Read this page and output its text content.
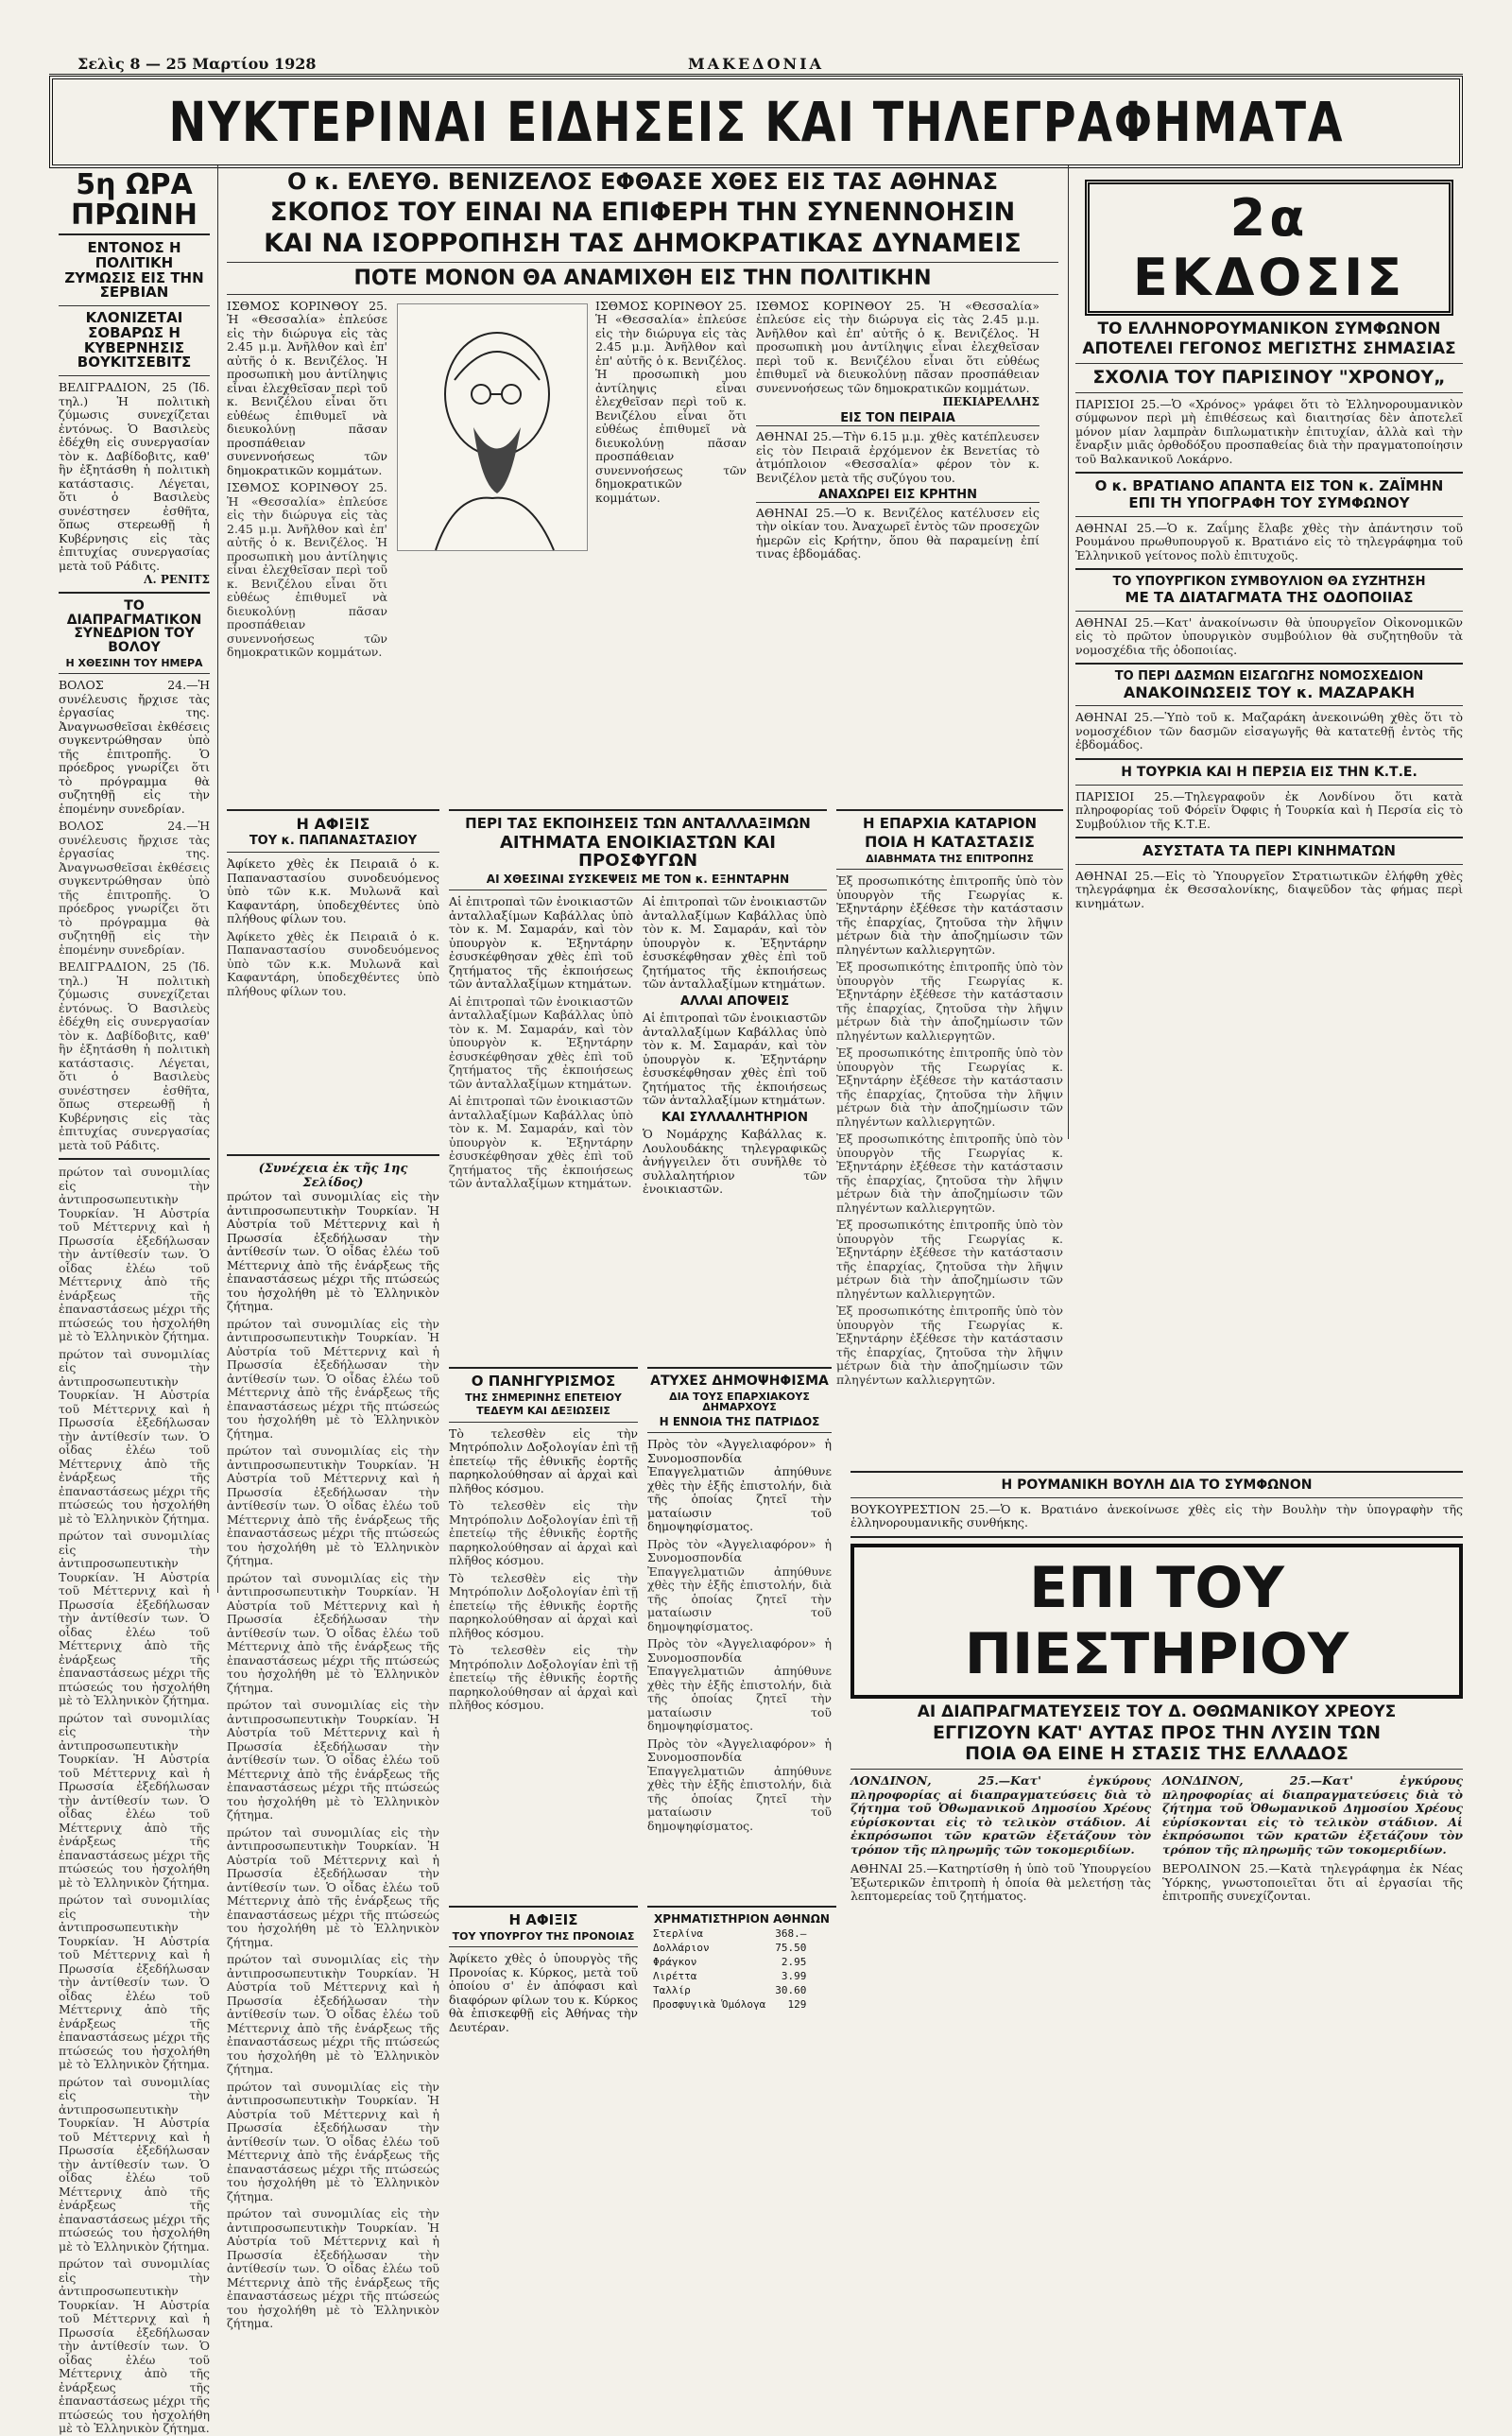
Σελὶς 8 — 25 Μαρτίου 1928	ΜΑΚΕΔΟΝΙΑ
ΝΥΚΤΕΡΙΝΑΙ ΕΙΔΗΣΕΙΣ ΚΑΙ ΤΗΛΕΓΡΑΦΗΜΑΤΑ
5η ΩΡΑ ΠΡΩΙΝΗ
ΕΝΤΟΝΟΣ Η ΠΟΛΙΤΙΚΗ ΖΥΜΩΣΙΣ ΕΙΣ ΤΗΝ ΣΕΡΒΙΑΝ
ΚΛΟΝΙΖΕΤΑΙ ΣΟΒΑΡΩΣ Η ΚΥΒΕΡΝΗΣΙΣ ΒΟΥΚΙΤΣΕΒΙΤΣ

ΒΕΛΙΓΡΑΔΙΟΝ, 25 (Ἰδ. τηλ.) Ἡ πολιτικὴ ζύμωσις συνεχίζεται ἐντόνως. Ὁ Βασιλεὺς ἐδέχθη εἰς συνεργασίαν τὸν κ. Δαβίδοβιτς, καθ' ἣν ἐξητάσθη ἡ πολιτικὴ κατάστασις. Λέγεται, ὅτι ὁ Βασιλεὺς συνέστησεν ἐσθῆτα, ὅπως στερεωθῇ ἡ Κυβέρνησις εἰς τὰς ἐπιτυχίας συνεργασίας μετὰ τοῦ Ράδιτς.

Λ. ΡΕΝΙΤΣ
ΤΟ ΔΙΑΠΡΑΓΜΑΤΙΚΟΝ ΣΥΝΕΔΡΙΟΝ ΤΟΥ ΒΟΛΟΥ
Η ΧΘΕΣΙΝΗ ΤΟΥ ΗΜΕΡΑ

ΒΟΛΟΣ 24.—Ἡ συνέλευσις ἤρχισε τὰς ἐργασίας της. Ἀναγνωσθεῖσαι ἐκθέσεις συγκεντρώθησαν ὑπὸ τῆς ἐπιτροπῆς. Ὁ πρόεδρος γνωρίζει ὅτι τὸ πρόγραμμα θὰ συζητηθῇ εἰς τὴν ἑπομένην συνεδρίαν.

ΒΟΛΟΣ 24.—Ἡ συνέλευσις ἤρχισε τὰς ἐργασίας της. Ἀναγνωσθεῖσαι ἐκθέσεις συγκεντρώθησαν ὑπὸ τῆς ἐπιτροπῆς. Ὁ πρόεδρος γνωρίζει ὅτι τὸ πρόγραμμα θὰ συζητηθῇ εἰς τὴν ἑπομένην συνεδρίαν.

ΒΕΛΙΓΡΑΔΙΟΝ, 25 (Ἰδ. τηλ.) Ἡ πολιτικὴ ζύμωσις συνεχίζεται ἐντόνως. Ὁ Βασιλεὺς ἐδέχθη εἰς συνεργασίαν τὸν κ. Δαβίδοβιτς, καθ' ἣν ἐξητάσθη ἡ πολιτικὴ κατάστασις. Λέγεται, ὅτι ὁ Βασιλεὺς συνέστησεν ἐσθῆτα, ὅπως στερεωθῇ ἡ Κυβέρνησις εἰς τὰς ἐπιτυχίας συνεργασίας μετὰ τοῦ Ράδιτς.

πρώτον ταὶ συνομιλίας εἰς τὴν ἀντιπροσωπευτικὴν Τουρκίαν. Ἡ Αὐστρία τοῦ Μέττερνιχ καὶ ἡ Πρωσσία ἐξεδήλωσαν τὴν ἀντίθεσίν των. Ὁ οἶδας ἐλέω τοῦ Μέττερνιχ ἀπὸ τῆς ἐνάρξεως τῆς ἐπαναστάσεως μέχρι τῆς πτώσεώς του ἠσχολήθη μὲ τὸ Ἑλληνικὸν ζήτημα.

πρώτον ταὶ συνομιλίας εἰς τὴν ἀντιπροσωπευτικὴν Τουρκίαν. Ἡ Αὐστρία τοῦ Μέττερνιχ καὶ ἡ Πρωσσία ἐξεδήλωσαν τὴν ἀντίθεσίν των. Ὁ οἶδας ἐλέω τοῦ Μέττερνιχ ἀπὸ τῆς ἐνάρξεως τῆς ἐπαναστάσεως μέχρι τῆς πτώσεώς του ἠσχολήθη μὲ τὸ Ἑλληνικὸν ζήτημα.

πρώτον ταὶ συνομιλίας εἰς τὴν ἀντιπροσωπευτικὴν Τουρκίαν. Ἡ Αὐστρία τοῦ Μέττερνιχ καὶ ἡ Πρωσσία ἐξεδήλωσαν τὴν ἀντίθεσίν των. Ὁ οἶδας ἐλέω τοῦ Μέττερνιχ ἀπὸ τῆς ἐνάρξεως τῆς ἐπαναστάσεως μέχρι τῆς πτώσεώς του ἠσχολήθη μὲ τὸ Ἑλληνικὸν ζήτημα.

πρώτον ταὶ συνομιλίας εἰς τὴν ἀντιπροσωπευτικὴν Τουρκίαν. Ἡ Αὐστρία τοῦ Μέττερνιχ καὶ ἡ Πρωσσία ἐξεδήλωσαν τὴν ἀντίθεσίν των. Ὁ οἶδας ἐλέω τοῦ Μέττερνιχ ἀπὸ τῆς ἐνάρξεως τῆς ἐπαναστάσεως μέχρι τῆς πτώσεώς του ἠσχολήθη μὲ τὸ Ἑλληνικὸν ζήτημα.

πρώτον ταὶ συνομιλίας εἰς τὴν ἀντιπροσωπευτικὴν Τουρκίαν. Ἡ Αὐστρία τοῦ Μέττερνιχ καὶ ἡ Πρωσσία ἐξεδήλωσαν τὴν ἀντίθεσίν των. Ὁ οἶδας ἐλέω τοῦ Μέττερνιχ ἀπὸ τῆς ἐνάρξεως τῆς ἐπαναστάσεως μέχρι τῆς πτώσεώς του ἠσχολήθη μὲ τὸ Ἑλληνικὸν ζήτημα.

πρώτον ταὶ συνομιλίας εἰς τὴν ἀντιπροσωπευτικὴν Τουρκίαν. Ἡ Αὐστρία τοῦ Μέττερνιχ καὶ ἡ Πρωσσία ἐξεδήλωσαν τὴν ἀντίθεσίν των. Ὁ οἶδας ἐλέω τοῦ Μέττερνιχ ἀπὸ τῆς ἐνάρξεως τῆς ἐπαναστάσεως μέχρι τῆς πτώσεώς του ἠσχολήθη μὲ τὸ Ἑλληνικὸν ζήτημα.

πρώτον ταὶ συνομιλίας εἰς τὴν ἀντιπροσωπευτικὴν Τουρκίαν. Ἡ Αὐστρία τοῦ Μέττερνιχ καὶ ἡ Πρωσσία ἐξεδήλωσαν τὴν ἀντίθεσίν των. Ὁ οἶδας ἐλέω τοῦ Μέττερνιχ ἀπὸ τῆς ἐνάρξεως τῆς ἐπαναστάσεως μέχρι τῆς πτώσεώς του ἠσχολήθη μὲ τὸ Ἑλληνικὸν ζήτημα.

Ο κ. ΕΛΕΥΘ. ΒΕΝΙΖΕΛΟΣ ΕΦΘΑΣΕ ΧΘΕΣ ΕΙΣ ΤΑΣ ΑΘΗΝΑΣ
ΣΚΟΠΟΣ ΤΟΥ ΕΙΝΑΙ ΝΑ ΕΠΙΦΕΡΗ ΤΗΝ ΣΥΝΕΝΝΟΗΣΙΝ
ΚΑΙ ΝΑ ΙΣΟΡΡΟΠΗΣΗ ΤΑΣ ΔΗΜΟΚΡΑΤΙΚΑΣ ΔΥΝΑΜΕΙΣ
ΠΟΤΕ ΜΟΝΟΝ ΘΑ ΑΝΑΜΙΧΘΗ ΕΙΣ ΤΗΝ ΠΟΛΙΤΙΚΗΝ

ΙΣΘΜΟΣ ΚΟΡΙΝΘΟΥ 25. Ἡ «Θεσσαλία» ἐπλεύσε εἰς τὴν διώρυγα εἰς τὰς 2.45 μ.μ. Ἀνῆλθον καὶ ἐπ' αὐτῆς ὁ κ. Βενιζέλος. Ἡ προσωπικὴ μου ἀντίληψις εἶναι ἐλεχθεῖσαν περὶ τοῦ κ. Βενιζέλου εἶναι ὅτι εὐθέως ἐπιθυμεῖ νὰ διευκολύνῃ πᾶσαν προσπάθειαν συνεννοήσεως τῶν δημοκρατικῶν κομμάτων.

ΙΣΘΜΟΣ ΚΟΡΙΝΘΟΥ 25. Ἡ «Θεσσαλία» ἐπλεύσε εἰς τὴν διώρυγα εἰς τὰς 2.45 μ.μ. Ἀνῆλθον καὶ ἐπ' αὐτῆς ὁ κ. Βενιζέλος. Ἡ προσωπικὴ μου ἀντίληψις εἶναι ἐλεχθεῖσαν περὶ τοῦ κ. Βενιζέλου εἶναι ὅτι εὐθέως ἐπιθυμεῖ νὰ διευκολύνῃ πᾶσαν προσπάθειαν συνεννοήσεως τῶν δημοκρατικῶν κομμάτων.

ΙΣΘΜΟΣ ΚΟΡΙΝΘΟΥ 25. Ἡ «Θεσσαλία» ἐπλεύσε εἰς τὴν διώρυγα εἰς τὰς 2.45 μ.μ. Ἀνῆλθον καὶ ἐπ' αὐτῆς ὁ κ. Βενιζέλος. Ἡ προσωπικὴ μου ἀντίληψις εἶναι ἐλεχθεῖσαν περὶ τοῦ κ. Βενιζέλου εἶναι ὅτι εὐθέως ἐπιθυμεῖ νὰ διευκολύνῃ πᾶσαν προσπάθειαν συνεννοήσεως τῶν δημοκρατικῶν κομμάτων.

ΙΣΘΜΟΣ ΚΟΡΙΝΘΟΥ 25. Ἡ «Θεσσαλία» ἐπλεύσε εἰς τὴν διώρυγα εἰς τὰς 2.45 μ.μ. Ἀνῆλθον καὶ ἐπ' αὐτῆς ὁ κ. Βενιζέλος. Ἡ προσωπικὴ μου ἀντίληψις εἶναι ἐλεχθεῖσαν περὶ τοῦ κ. Βενιζέλου εἶναι ὅτι εὐθέως ἐπιθυμεῖ νὰ διευκολύνῃ πᾶσαν προσπάθειαν συνεννοήσεως τῶν δημοκρατικῶν κομμάτων.

ΠΕΚΙΑΡΕΛΛΗΣ
ΕΙΣ ΤΟΝ ΠΕΙΡΑΙΑ

ΑΘΗΝΑΙ 25.—Τὴν 6.15 μ.μ. χθὲς κατέπλευσεν εἰς τὸν Πειραιᾶ ἐρχόμενον ἐκ Βενετίας τὸ ἀτμόπλοιον «Θεσσαλία» φέρον τὸν κ. Βενιζέλον μετὰ τῆς συζύγου του.

ΑΝΑΧΩΡΕΙ ΕΙΣ ΚΡΗΤΗΝ

ΑΘΗΝΑΙ 25.—Ὁ κ. Βενιζέλος κατέλυσεν εἰς τὴν οἰκίαν του. Ἀναχωρεῖ ἐντὸς τῶν προσεχῶν ἡμερῶν εἰς Κρήτην, ὅπου θὰ παραμείνῃ ἐπί τινας ἑβδομάδας.

Η ΑΦΙΞΙΣ
ΤΟΥ κ. ΠΑΠΑΝΑΣΤΑΣΙΟΥ

Ἀφίκετο χθὲς ἐκ Πειραιᾶ ὁ κ. Παπαναστασίου συνοδευόμενος ὑπὸ τῶν κ.κ. Μυλωνᾶ καὶ Καφαντάρη, ὑποδεχθέντες ὑπὸ πλήθους φίλων του.

Ἀφίκετο χθὲς ἐκ Πειραιᾶ ὁ κ. Παπαναστασίου συνοδευόμενος ὑπὸ τῶν κ.κ. Μυλωνᾶ καὶ Καφαντάρη, ὑποδεχθέντες ὑπὸ πλήθους φίλων του.

(Συνέχεια ἐκ τῆς 1ης Σελίδος)

πρώτον ταὶ συνομιλίας εἰς τὴν ἀντιπροσωπευτικὴν Τουρκίαν. Ἡ Αὐστρία τοῦ Μέττερνιχ καὶ ἡ Πρωσσία ἐξεδήλωσαν τὴν ἀντίθεσίν των. Ὁ οἶδας ἐλέω τοῦ Μέττερνιχ ἀπὸ τῆς ἐνάρξεως τῆς ἐπαναστάσεως μέχρι τῆς πτώσεώς του ἠσχολήθη μὲ τὸ Ἑλληνικὸν ζήτημα.

πρώτον ταὶ συνομιλίας εἰς τὴν ἀντιπροσωπευτικὴν Τουρκίαν. Ἡ Αὐστρία τοῦ Μέττερνιχ καὶ ἡ Πρωσσία ἐξεδήλωσαν τὴν ἀντίθεσίν των. Ὁ οἶδας ἐλέω τοῦ Μέττερνιχ ἀπὸ τῆς ἐνάρξεως τῆς ἐπαναστάσεως μέχρι τῆς πτώσεώς του ἠσχολήθη μὲ τὸ Ἑλληνικὸν ζήτημα.

πρώτον ταὶ συνομιλίας εἰς τὴν ἀντιπροσωπευτικὴν Τουρκίαν. Ἡ Αὐστρία τοῦ Μέττερνιχ καὶ ἡ Πρωσσία ἐξεδήλωσαν τὴν ἀντίθεσίν των. Ὁ οἶδας ἐλέω τοῦ Μέττερνιχ ἀπὸ τῆς ἐνάρξεως τῆς ἐπαναστάσεως μέχρι τῆς πτώσεώς του ἠσχολήθη μὲ τὸ Ἑλληνικὸν ζήτημα.

πρώτον ταὶ συνομιλίας εἰς τὴν ἀντιπροσωπευτικὴν Τουρκίαν. Ἡ Αὐστρία τοῦ Μέττερνιχ καὶ ἡ Πρωσσία ἐξεδήλωσαν τὴν ἀντίθεσίν των. Ὁ οἶδας ἐλέω τοῦ Μέττερνιχ ἀπὸ τῆς ἐνάρξεως τῆς ἐπαναστάσεως μέχρι τῆς πτώσεώς του ἠσχολήθη μὲ τὸ Ἑλληνικὸν ζήτημα.

πρώτον ταὶ συνομιλίας εἰς τὴν ἀντιπροσωπευτικὴν Τουρκίαν. Ἡ Αὐστρία τοῦ Μέττερνιχ καὶ ἡ Πρωσσία ἐξεδήλωσαν τὴν ἀντίθεσίν των. Ὁ οἶδας ἐλέω τοῦ Μέττερνιχ ἀπὸ τῆς ἐνάρξεως τῆς ἐπαναστάσεως μέχρι τῆς πτώσεώς του ἠσχολήθη μὲ τὸ Ἑλληνικὸν ζήτημα.

πρώτον ταὶ συνομιλίας εἰς τὴν ἀντιπροσωπευτικὴν Τουρκίαν. Ἡ Αὐστρία τοῦ Μέττερνιχ καὶ ἡ Πρωσσία ἐξεδήλωσαν τὴν ἀντίθεσίν των. Ὁ οἶδας ἐλέω τοῦ Μέττερνιχ ἀπὸ τῆς ἐνάρξεως τῆς ἐπαναστάσεως μέχρι τῆς πτώσεώς του ἠσχολήθη μὲ τὸ Ἑλληνικὸν ζήτημα.

πρώτον ταὶ συνομιλίας εἰς τὴν ἀντιπροσωπευτικὴν Τουρκίαν. Ἡ Αὐστρία τοῦ Μέττερνιχ καὶ ἡ Πρωσσία ἐξεδήλωσαν τὴν ἀντίθεσίν των. Ὁ οἶδας ἐλέω τοῦ Μέττερνιχ ἀπὸ τῆς ἐνάρξεως τῆς ἐπαναστάσεως μέχρι τῆς πτώσεώς του ἠσχολήθη μὲ τὸ Ἑλληνικὸν ζήτημα.

πρώτον ταὶ συνομιλίας εἰς τὴν ἀντιπροσωπευτικὴν Τουρκίαν. Ἡ Αὐστρία τοῦ Μέττερνιχ καὶ ἡ Πρωσσία ἐξεδήλωσαν τὴν ἀντίθεσίν των. Ὁ οἶδας ἐλέω τοῦ Μέττερνιχ ἀπὸ τῆς ἐνάρξεως τῆς ἐπαναστάσεως μέχρι τῆς πτώσεώς του ἠσχολήθη μὲ τὸ Ἑλληνικὸν ζήτημα.

πρώτον ταὶ συνομιλίας εἰς τὴν ἀντιπροσωπευτικὴν Τουρκίαν. Ἡ Αὐστρία τοῦ Μέττερνιχ καὶ ἡ Πρωσσία ἐξεδήλωσαν τὴν ἀντίθεσίν των. Ὁ οἶδας ἐλέω τοῦ Μέττερνιχ ἀπὸ τῆς ἐνάρξεως τῆς ἐπαναστάσεως μέχρι τῆς πτώσεώς του ἠσχολήθη μὲ τὸ Ἑλληνικὸν ζήτημα.

ΠΕΡΙ ΤΑΣ ΕΚΠΟΙΗΣΕΙΣ ΤΩΝ ΑΝΤΑΛΛΑΞΙΜΩΝ
ΑΙΤΗΜΑΤΑ ΕΝΟΙΚΙΑΣΤΩΝ ΚΑΙ ΠΡΟΣΦΥΓΩΝ
ΑΙ ΧΘΕΣΙΝΑΙ ΣΥΣΚΕΨΕΙΣ ΜΕ ΤΟΝ κ. ΕΞΗΝΤΑΡΗΝ

Αἱ ἐπιτροπαὶ τῶν ἐνοικιαστῶν ἀνταλλαξίμων Καβάλλας ὑπὸ τὸν κ. Μ. Σαμαράν, καὶ τὸν ὑπουργὸν κ. Ἐξηντάρην ἐσυσκέφθησαν χθὲς ἐπὶ τοῦ ζητήματος τῆς ἐκποιήσεως τῶν ἀνταλλαξίμων κτημάτων.

Αἱ ἐπιτροπαὶ τῶν ἐνοικιαστῶν ἀνταλλαξίμων Καβάλλας ὑπὸ τὸν κ. Μ. Σαμαράν, καὶ τὸν ὑπουργὸν κ. Ἐξηντάρην ἐσυσκέφθησαν χθὲς ἐπὶ τοῦ ζητήματος τῆς ἐκποιήσεως τῶν ἀνταλλαξίμων κτημάτων.

Αἱ ἐπιτροπαὶ τῶν ἐνοικιαστῶν ἀνταλλαξίμων Καβάλλας ὑπὸ τὸν κ. Μ. Σαμαράν, καὶ τὸν ὑπουργὸν κ. Ἐξηντάρην ἐσυσκέφθησαν χθὲς ἐπὶ τοῦ ζητήματος τῆς ἐκποιήσεως τῶν ἀνταλλαξίμων κτημάτων.

Αἱ ἐπιτροπαὶ τῶν ἐνοικιαστῶν ἀνταλλαξίμων Καβάλλας ὑπὸ τὸν κ. Μ. Σαμαράν, καὶ τὸν ὑπουργὸν κ. Ἐξηντάρην ἐσυσκέφθησαν χθὲς ἐπὶ τοῦ ζητήματος τῆς ἐκποιήσεως τῶν ἀνταλλαξίμων κτημάτων.

ΑΛΛΑΙ ΑΠΟΨΕΙΣ

Αἱ ἐπιτροπαὶ τῶν ἐνοικιαστῶν ἀνταλλαξίμων Καβάλλας ὑπὸ τὸν κ. Μ. Σαμαράν, καὶ τὸν ὑπουργὸν κ. Ἐξηντάρην ἐσυσκέφθησαν χθὲς ἐπὶ τοῦ ζητήματος τῆς ἐκποιήσεως τῶν ἀνταλλαξίμων κτημάτων.

ΚΑΙ ΣΥΛΛΑΛΗΤΗΡΙΟΝ

Ὁ Νομάρχης Καβάλλας κ. Λουλουδάκης τηλεγραφικῶς ἀνήγγειλεν ὅτι συνῆλθε τὸ συλλαλητήριον τῶν ἐνοικιαστῶν.

Η ΕΠΑΡΧΙΑ ΚΑΤΑΡΙΟΝ
ΠΟΙΑ Η ΚΑΤΑΣΤΑΣΙΣ
ΔΙΑΒΗΜΑΤΑ ΤΗΣ ΕΠΙΤΡΟΠΗΣ

Ἐξ προσωπικότης ἐπιτροπῆς ὑπὸ τὸν ὑπουργὸν τῆς Γεωργίας κ. Ἐξηντάρην ἐξέθεσε τὴν κατάστασιν τῆς ἐπαρχίας, ζητοῦσα τὴν λῆψιν μέτρων διὰ τὴν ἀποζημίωσιν τῶν πληγέντων καλλιεργητῶν.

Ἐξ προσωπικότης ἐπιτροπῆς ὑπὸ τὸν ὑπουργὸν τῆς Γεωργίας κ. Ἐξηντάρην ἐξέθεσε τὴν κατάστασιν τῆς ἐπαρχίας, ζητοῦσα τὴν λῆψιν μέτρων διὰ τὴν ἀποζημίωσιν τῶν πληγέντων καλλιεργητῶν.

Ἐξ προσωπικότης ἐπιτροπῆς ὑπὸ τὸν ὑπουργὸν τῆς Γεωργίας κ. Ἐξηντάρην ἐξέθεσε τὴν κατάστασιν τῆς ἐπαρχίας, ζητοῦσα τὴν λῆψιν μέτρων διὰ τὴν ἀποζημίωσιν τῶν πληγέντων καλλιεργητῶν.

Ἐξ προσωπικότης ἐπιτροπῆς ὑπὸ τὸν ὑπουργὸν τῆς Γεωργίας κ. Ἐξηντάρην ἐξέθεσε τὴν κατάστασιν τῆς ἐπαρχίας, ζητοῦσα τὴν λῆψιν μέτρων διὰ τὴν ἀποζημίωσιν τῶν πληγέντων καλλιεργητῶν.

Ἐξ προσωπικότης ἐπιτροπῆς ὑπὸ τὸν ὑπουργὸν τῆς Γεωργίας κ. Ἐξηντάρην ἐξέθεσε τὴν κατάστασιν τῆς ἐπαρχίας, ζητοῦσα τὴν λῆψιν μέτρων διὰ τὴν ἀποζημίωσιν τῶν πληγέντων καλλιεργητῶν.

Ἐξ προσωπικότης ἐπιτροπῆς ὑπὸ τὸν ὑπουργὸν τῆς Γεωργίας κ. Ἐξηντάρην ἐξέθεσε τὴν κατάστασιν τῆς ἐπαρχίας, ζητοῦσα τὴν λῆψιν μέτρων διὰ τὴν ἀποζημίωσιν τῶν πληγέντων καλλιεργητῶν.

Ο ΠΑΝΗΓΥΡΙΣΜΟΣ
ΤΗΣ ΣΗΜΕΡΙΝΗΣ ΕΠΕΤΕΙΟΥ
ΤΕΔΕΥΜ ΚΑΙ ΔΕΞΙΩΣΕΙΣ

Τὸ τελεσθὲν εἰς τὴν Μητρόπολιν Δοξολογίαν ἐπὶ τῇ ἐπετείῳ τῆς ἐθνικῆς ἑορτῆς παρηκολούθησαν αἱ ἀρχαὶ καὶ πλῆθος κόσμου.

Τὸ τελεσθὲν εἰς τὴν Μητρόπολιν Δοξολογίαν ἐπὶ τῇ ἐπετείῳ τῆς ἐθνικῆς ἑορτῆς παρηκολούθησαν αἱ ἀρχαὶ καὶ πλῆθος κόσμου.

Τὸ τελεσθὲν εἰς τὴν Μητρόπολιν Δοξολογίαν ἐπὶ τῇ ἐπετείῳ τῆς ἐθνικῆς ἑορτῆς παρηκολούθησαν αἱ ἀρχαὶ καὶ πλῆθος κόσμου.

Τὸ τελεσθὲν εἰς τὴν Μητρόπολιν Δοξολογίαν ἐπὶ τῇ ἐπετείῳ τῆς ἐθνικῆς ἑορτῆς παρηκολούθησαν αἱ ἀρχαὶ καὶ πλῆθος κόσμου.

ΑΤΥΧΕΣ ΔΗΜΟΨΗΦΙΣΜΑ
ΔΙΑ ΤΟΥΣ ΕΠΑΡΧΙΑΚΟΥΣ ΔΗΜΑΡΧΟΥΣ
Η ΕΝΝΟΙΑ ΤΗΣ ΠΑΤΡΙΔΟΣ

Πρὸς τὸν «Ἀγγελιαφόρον» ἡ Συνομοσπονδία Ἐπαγγελματιῶν ἀπηύθυνε χθὲς τὴν ἑξῆς ἐπιστολήν, διὰ τῆς ὁποίας ζητεῖ τὴν ματαίωσιν τοῦ δημοψηφίσματος.

Πρὸς τὸν «Ἀγγελιαφόρον» ἡ Συνομοσπονδία Ἐπαγγελματιῶν ἀπηύθυνε χθὲς τὴν ἑξῆς ἐπιστολήν, διὰ τῆς ὁποίας ζητεῖ τὴν ματαίωσιν τοῦ δημοψηφίσματος.

Πρὸς τὸν «Ἀγγελιαφόρον» ἡ Συνομοσπονδία Ἐπαγγελματιῶν ἀπηύθυνε χθὲς τὴν ἑξῆς ἐπιστολήν, διὰ τῆς ὁποίας ζητεῖ τὴν ματαίωσιν τοῦ δημοψηφίσματος.

Πρὸς τὸν «Ἀγγελιαφόρον» ἡ Συνομοσπονδία Ἐπαγγελματιῶν ἀπηύθυνε χθὲς τὴν ἑξῆς ἐπιστολήν, διὰ τῆς ὁποίας ζητεῖ τὴν ματαίωσιν τοῦ δημοψηφίσματος.

Η ΑΦΙΞΙΣ
ΤΟΥ ΥΠΟΥΡΓΟΥ ΤΗΣ ΠΡΟΝΟΙΑΣ

Ἀφίκετο χθὲς ὁ ὑπουργὸς τῆς Προνοίας κ. Κύρκος, μετὰ τοῦ ὁποίου σ' ἐν ἀπόφασι καὶ διαφόρων φίλων του κ. Κύρκος θὰ ἐπισκεφθῇ εἰς Ἀθήνας τὴν Δευτέραν.

ΧΡΗΜΑΤΙΣΤΗΡΙΟΝ ΑΘΗΝΩΝ
Στερλίνα	368.—
Δολλάριον	75.50
Φράγκον	2.95
Λιρέττα	3.99
Ταλλίρ	30.60
Προσφυγικὰ Ὁμόλογα	129
2α ΕΚΔΟΣΙΣ
ΤΟ ΕΛΛΗΝΟΡΟΥΜΑΝΙΚΟΝ ΣΥΜΦΩΝΟΝ
ΑΠΟΤΕΛΕΙ ΓΕΓΟΝΟΣ ΜΕΓΙΣΤΗΣ ΣΗΜΑΣΙΑΣ
ΣΧΟΛΙΑ ΤΟΥ ΠΑΡΙΣΙΝΟΥ "ΧΡΟΝΟΥ„

ΠΑΡΙΣΙΟΙ 25.—Ὁ «Χρόνος» γράφει ὅτι τὸ Ἑλληνορουμανικὸν σύμφωνον περὶ μὴ ἐπιθέσεως καὶ διαιτησίας δὲν ἀποτελεῖ μόνον μίαν λαμπρὰν διπλωματικὴν ἐπιτυχίαν, ἀλλὰ καὶ τὴν ἔναρξιν μιᾶς ὀρθοδόξου προσπαθείας διὰ τὴν πραγματοποίησιν τοῦ Βαλκανικοῦ Λοκάρνο.

Ο κ. ΒΡΑΤΙΑΝΟ ΑΠΑΝΤΑ ΕΙΣ ΤΟΝ κ. ΖΑΪΜΗΝ
ΕΠΙ ΤΗ ΥΠΟΓΡΑΦΗ ΤΟΥ ΣΥΜΦΩΝΟΥ

ΑΘΗΝΑΙ 25.—Ὁ κ. Ζαΐμης ἔλαβε χθὲς τὴν ἀπάντησιν τοῦ Ρουμάνου πρωθυπουργοῦ κ. Βρατιάνο εἰς τὸ τηλεγράφημα τοῦ Ἑλληνικοῦ γείτονος πολὺ ἐπιτυχοῦς.

ΤΟ ΥΠΟΥΡΓΙΚΟΝ ΣΥΜΒΟΥΛΙΟΝ ΘΑ ΣΥΖΗΤΗΣΗ
ΜΕ ΤΑ ΔΙΑΤΑΓΜΑΤΑ ΤΗΣ ΟΔΟΠΟΙΙΑΣ

ΑΘΗΝΑΙ 25.—Κατ' ἀνακοίνωσιν θὰ ὑπουργεῖον Οἰκονομικῶν εἰς τὸ πρῶτον ὑπουργικὸν συμβούλιον θὰ συζητηθοῦν τὰ νομοσχέδια τῆς ὁδοποιίας.

ΤΟ ΠΕΡΙ ΔΑΣΜΩΝ ΕΙΣΑΓΩΓΗΣ ΝΟΜΟΣΧΕΔΙΟΝ
ΑΝΑΚΟΙΝΩΣΕΙΣ ΤΟΥ κ. ΜΑΖΑΡΑΚΗ

ΑΘΗΝΑΙ 25.—Ὑπὸ τοῦ κ. Μαζαράκη ἀνεκοινώθη χθὲς ὅτι τὸ νομοσχέδιον τῶν δασμῶν εἰσαγωγῆς θὰ κατατεθῇ ἐντὸς τῆς ἑβδομάδος.

Η ΤΟΥΡΚΙΑ ΚΑΙ Η ΠΕΡΣΙΑ ΕΙΣ ΤΗΝ Κ.Τ.Ε.

ΠΑΡΙΣΙΟΙ 25.—Τηλεγραφοῦν ἐκ Λονδίνου ὅτι κατὰ πληροφορίας τοῦ Φόρεϊν Όφφις ἡ Τουρκία καὶ ἡ Περσία εἰς τὸ Συμβούλιον τῆς Κ.Τ.Ε.

ΑΣΥΣΤΑΤΑ ΤΑ ΠΕΡΙ ΚΙΝΗΜΑΤΩΝ

ΑΘΗΝΑΙ 25.—Εἰς τὸ Ὑπουργεῖον Στρατιωτικῶν ἐλήφθη χθὲς τηλεγράφημα ἐκ Θεσσαλονίκης, διαψεῦδον τὰς φήμας περὶ κινημάτων.

Η ΡΟΥΜΑΝΙΚΗ ΒΟΥΛΗ ΔΙΑ ΤΟ ΣΥΜΦΩΝΟΝ

ΒΟΥΚΟΥΡΕΣΤΙΟΝ 25.—Ὁ κ. Βρατιάνο ἀνεκοίνωσε χθὲς εἰς τὴν Βουλὴν τὴν ὑπογραφὴν τῆς ἑλληνορουμανικῆς συνθήκης.

ΕΠΙ ΤΟΥ ΠΙΕΣΤΗΡΙΟΥ
ΑΙ ΔΙΑΠΡΑΓΜΑΤΕΥΣΕΙΣ ΤΟΥ Δ. ΟΘΩΜΑΝΙΚΟΥ ΧΡΕΟΥΣ
ΕΓΓΙΖΟΥΝ ΚΑΤ' ΑΥΤΑΣ ΠΡΟΣ ΤΗΝ ΛΥΣΙΝ ΤΩΝ
ΠΟΙΑ ΘΑ ΕΙΝΕ Η ΣΤΑΣΙΣ ΤΗΣ ΕΛΛΑΔΟΣ

ΛΟΝΔΙΝΟΝ, 25.—Κατ' ἐγκύρους πληροφορίας αἱ διαπραγματεύσεις διὰ τὸ ζήτημα τοῦ Ὀθωμανικοῦ Δημοσίου Χρέους εὑρίσκονται εἰς τὸ τελικὸν στάδιον. Αἱ ἐκπρόσωποι τῶν κρατῶν ἐξετάζουν τὸν τρόπον τῆς πληρωμῆς τῶν τοκομεριδίων.

ΑΘΗΝΑΙ 25.—Κατηρτίσθη ἡ ὑπὸ τοῦ Ὑπουργείου Ἐξωτερικῶν ἐπιτροπὴ ἡ ὁποία θὰ μελετήσῃ τὰς λεπτομερείας τοῦ ζητήματος.

ΛΟΝΔΙΝΟΝ, 25.—Κατ' ἐγκύρους πληροφορίας αἱ διαπραγματεύσεις διὰ τὸ ζήτημα τοῦ Ὀθωμανικοῦ Δημοσίου Χρέους εὑρίσκονται εἰς τὸ τελικὸν στάδιον. Αἱ ἐκπρόσωποι τῶν κρατῶν ἐξετάζουν τὸν τρόπον τῆς πληρωμῆς τῶν τοκομεριδίων.

ΒΕΡΟΛΙΝΟΝ 25.—Κατὰ τηλεγράφημα ἐκ Νέας Ὑόρκης, γνωστοποιεῖται ὅτι αἱ ἐργασίαι τῆς ἐπιτροπῆς συνεχίζονται.
